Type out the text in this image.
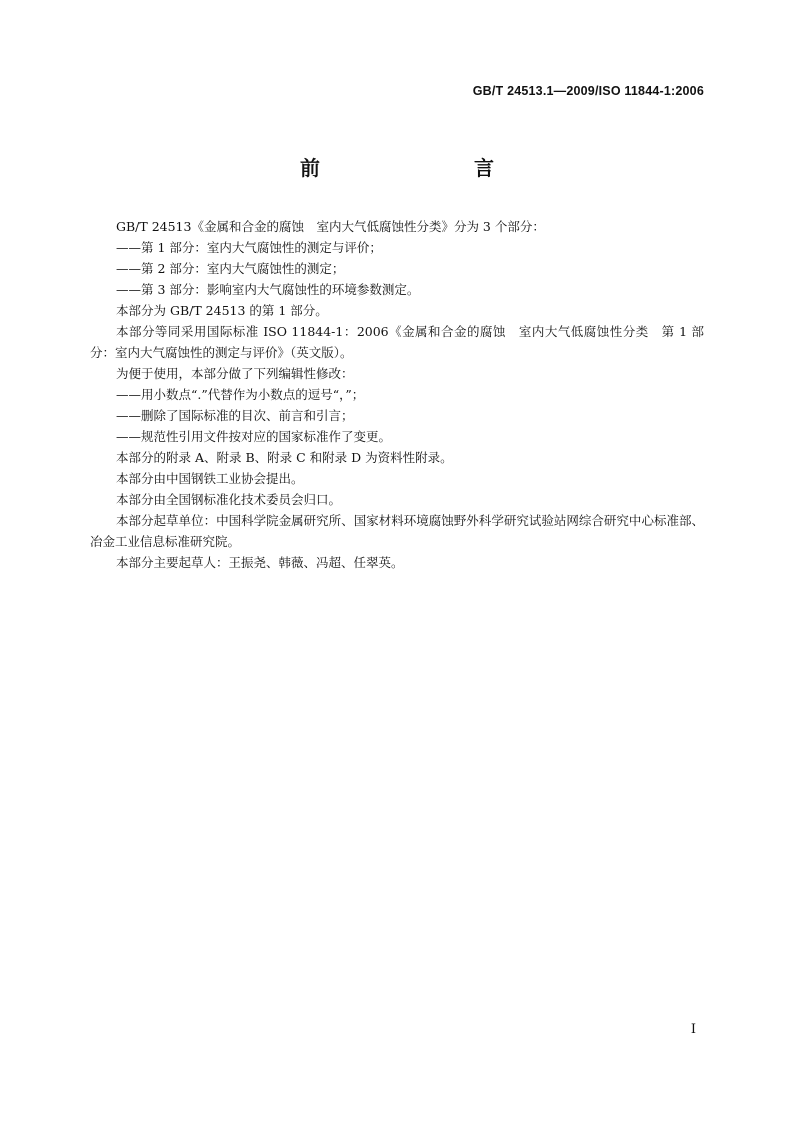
GB/T 24513.1—2009/ISO 11844-1:2006
前　　言

GB/T 24513《金属和合金的腐蚀　室内大气低腐蚀性分类》分为 3 个部分：

——第 1 部分：室内大气腐蚀性的测定与评价；

——第 2 部分：室内大气腐蚀性的测定；

——第 3 部分：影响室内大气腐蚀性的环境参数测定。

本部分为 GB/T 24513 的第 1 部分。

本部分等同采用国际标准 ISO 11844-1：2006《金属和合金的腐蚀　室内大气低腐蚀性分类　第 1 部分：室内大气腐蚀性的测定与评价》（英文版）。

为便于使用，本部分做了下列编辑性修改：

——用小数点“.”代替作为小数点的逗号“，”；

——删除了国际标准的目次、前言和引言；

——规范性引用文件按对应的国家标准作了变更。

本部分的附录 A、附录 B、附录 C 和附录 D 为资料性附录。

本部分由中国钢铁工业协会提出。

本部分由全国钢标准化技术委员会归口。

本部分起草单位：中国科学院金属研究所、国家材料环境腐蚀野外科学研究试验站网综合研究中心标准部、冶金工业信息标准研究院。

本部分主要起草人：王振尧、韩薇、冯超、任翠英。

I
